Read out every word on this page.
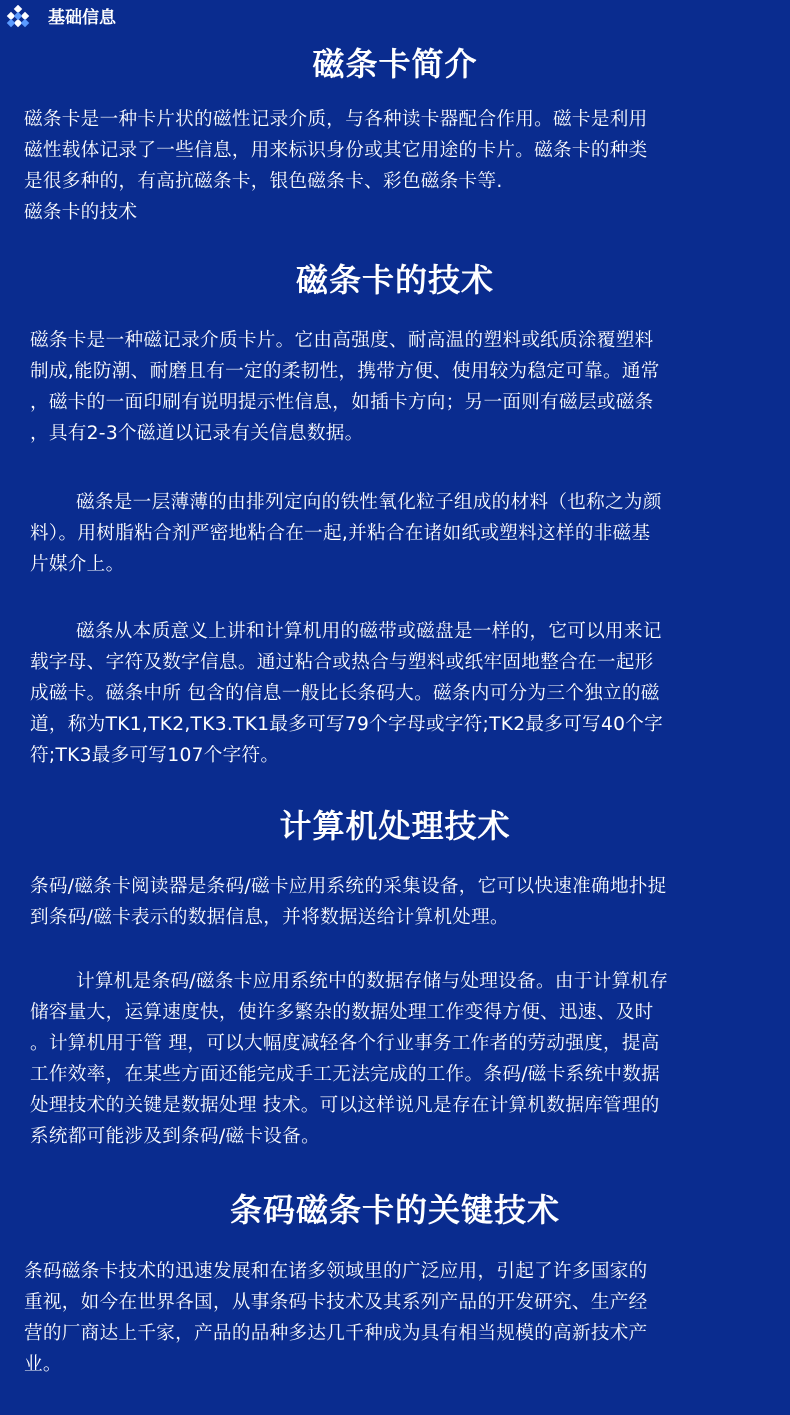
基础信息
磁条卡简介

磁条卡是一种卡片状的磁性记录介质，与各种读卡器配合作用。磁卡是利用
磁性载体记录了一些信息，用来标识身份或其它用途的卡片。磁条卡的种类
是很多种的，有高抗磁条卡，银色磁条卡、彩色磁条卡等.
磁条卡的技术

磁条卡的技术

磁条卡是一种磁记录介质卡片。它由高强度、耐高温的塑料或纸质涂覆塑料
制成,能防潮、耐磨且有一定的柔韧性，携带方便、使用较为稳定可靠。通常
，磁卡的一面印刷有说明提示性信息，如插卡方向；另一面则有磁层或磁条
，具有2-3个磁道以记录有关信息数据。

磁条是一层薄薄的由排列定向的铁性氧化粒子组成的材料（也称之为颜
料）。用树脂粘合剂严密地粘合在一起,并粘合在诸如纸或塑料这样的非磁基
片媒介上。

磁条从本质意义上讲和计算机用的磁带或磁盘是一样的，它可以用来记
载字母、字符及数字信息。通过粘合或热合与塑料或纸牢固地整合在一起形
成磁卡。磁条中所 包含的信息一般比长条码大。磁条内可分为三个独立的磁
道，称为TK1,TK2,TK3.TK1最多可写79个字母或字符;TK2最多可写40个字
符;TK3最多可写107个字符。

计算机处理技术

条码/磁条卡阅读器是条码/磁卡应用系统的采集设备，它可以快速准确地扑捉
到条码/磁卡表示的数据信息，并将数据送给计算机处理。

计算机是条码/磁条卡应用系统中的数据存储与处理设备。由于计算机存
储容量大，运算速度快，使许多繁杂的数据处理工作变得方便、迅速、及时
。计算机用于管 理，可以大幅度减轻各个行业事务工作者的劳动强度，提高
工作效率，在某些方面还能完成手工无法完成的工作。条码/磁卡系统中数据
处理技术的关键是数据处理 技术。可以这样说凡是存在计算机数据库管理的
系统都可能涉及到条码/磁卡设备。

条码磁条卡的关键技术

条码磁条卡技术的迅速发展和在诸多领域里的广泛应用，引起了许多国家的
重视，如今在世界各国，从事条码卡技术及其系列产品的开发研究、生产经
营的厂商达上千家，产品的品种多达几千种成为具有相当规模的高新技术产
业。
